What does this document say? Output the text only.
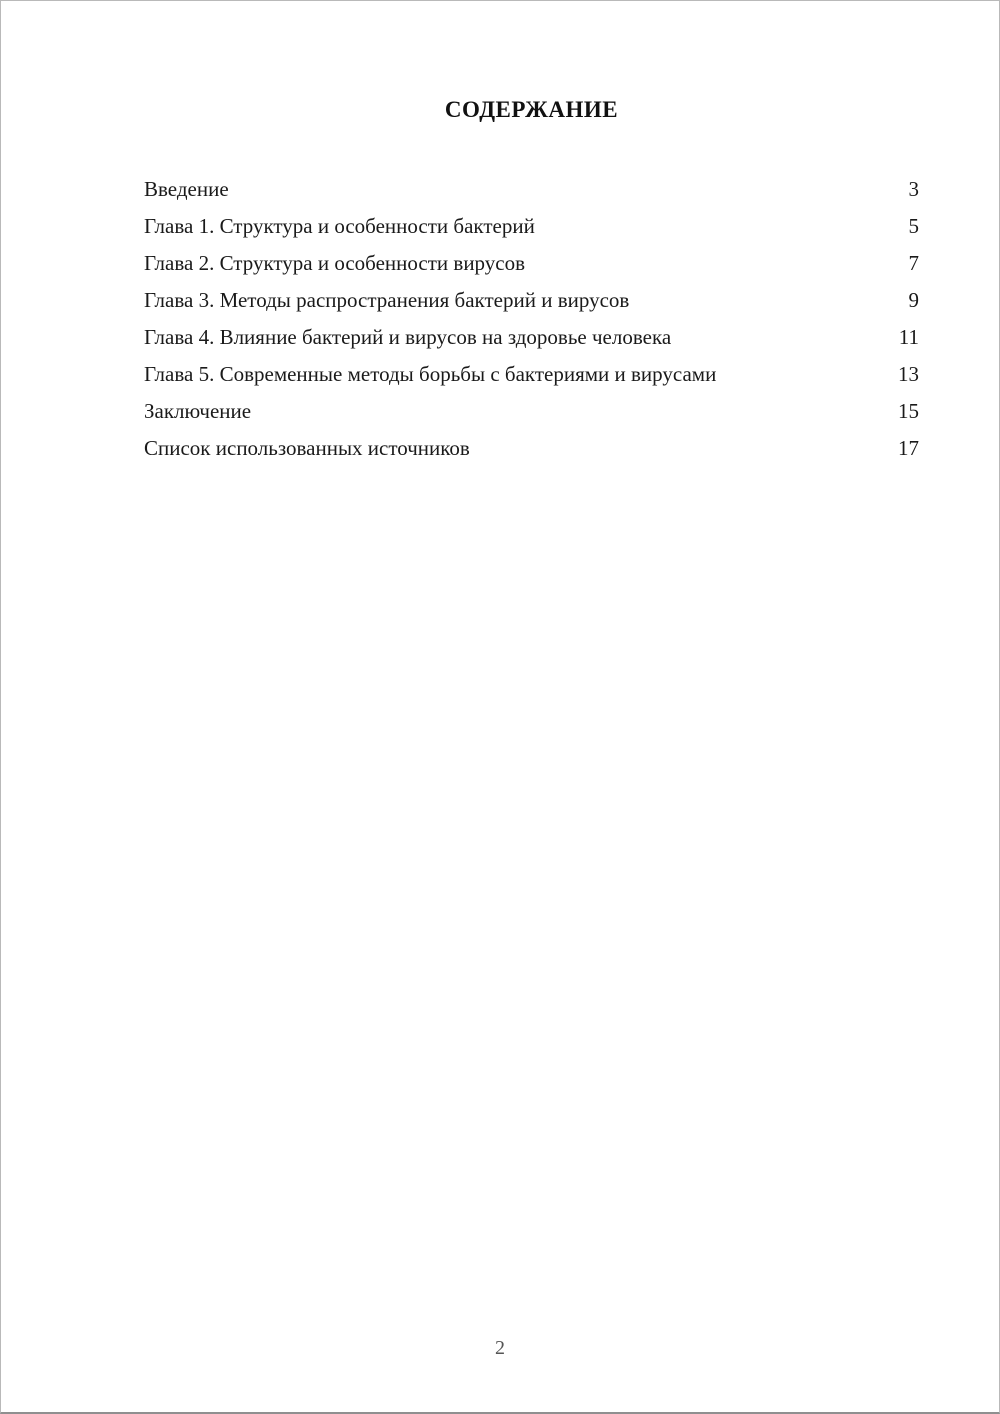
СОДЕРЖАНИЕ
Введение	3
Глава 1. Структура и особенности бактерий	5
Глава 2. Структура и особенности вирусов	7
Глава 3. Методы распространения бактерий и вирусов	9
Глава 4. Влияние бактерий и вирусов на здоровье человека	11
Глава 5. Современные методы борьбы с бактериями и вирусами	13
Заключение	15
Список использованных источников	17
2
